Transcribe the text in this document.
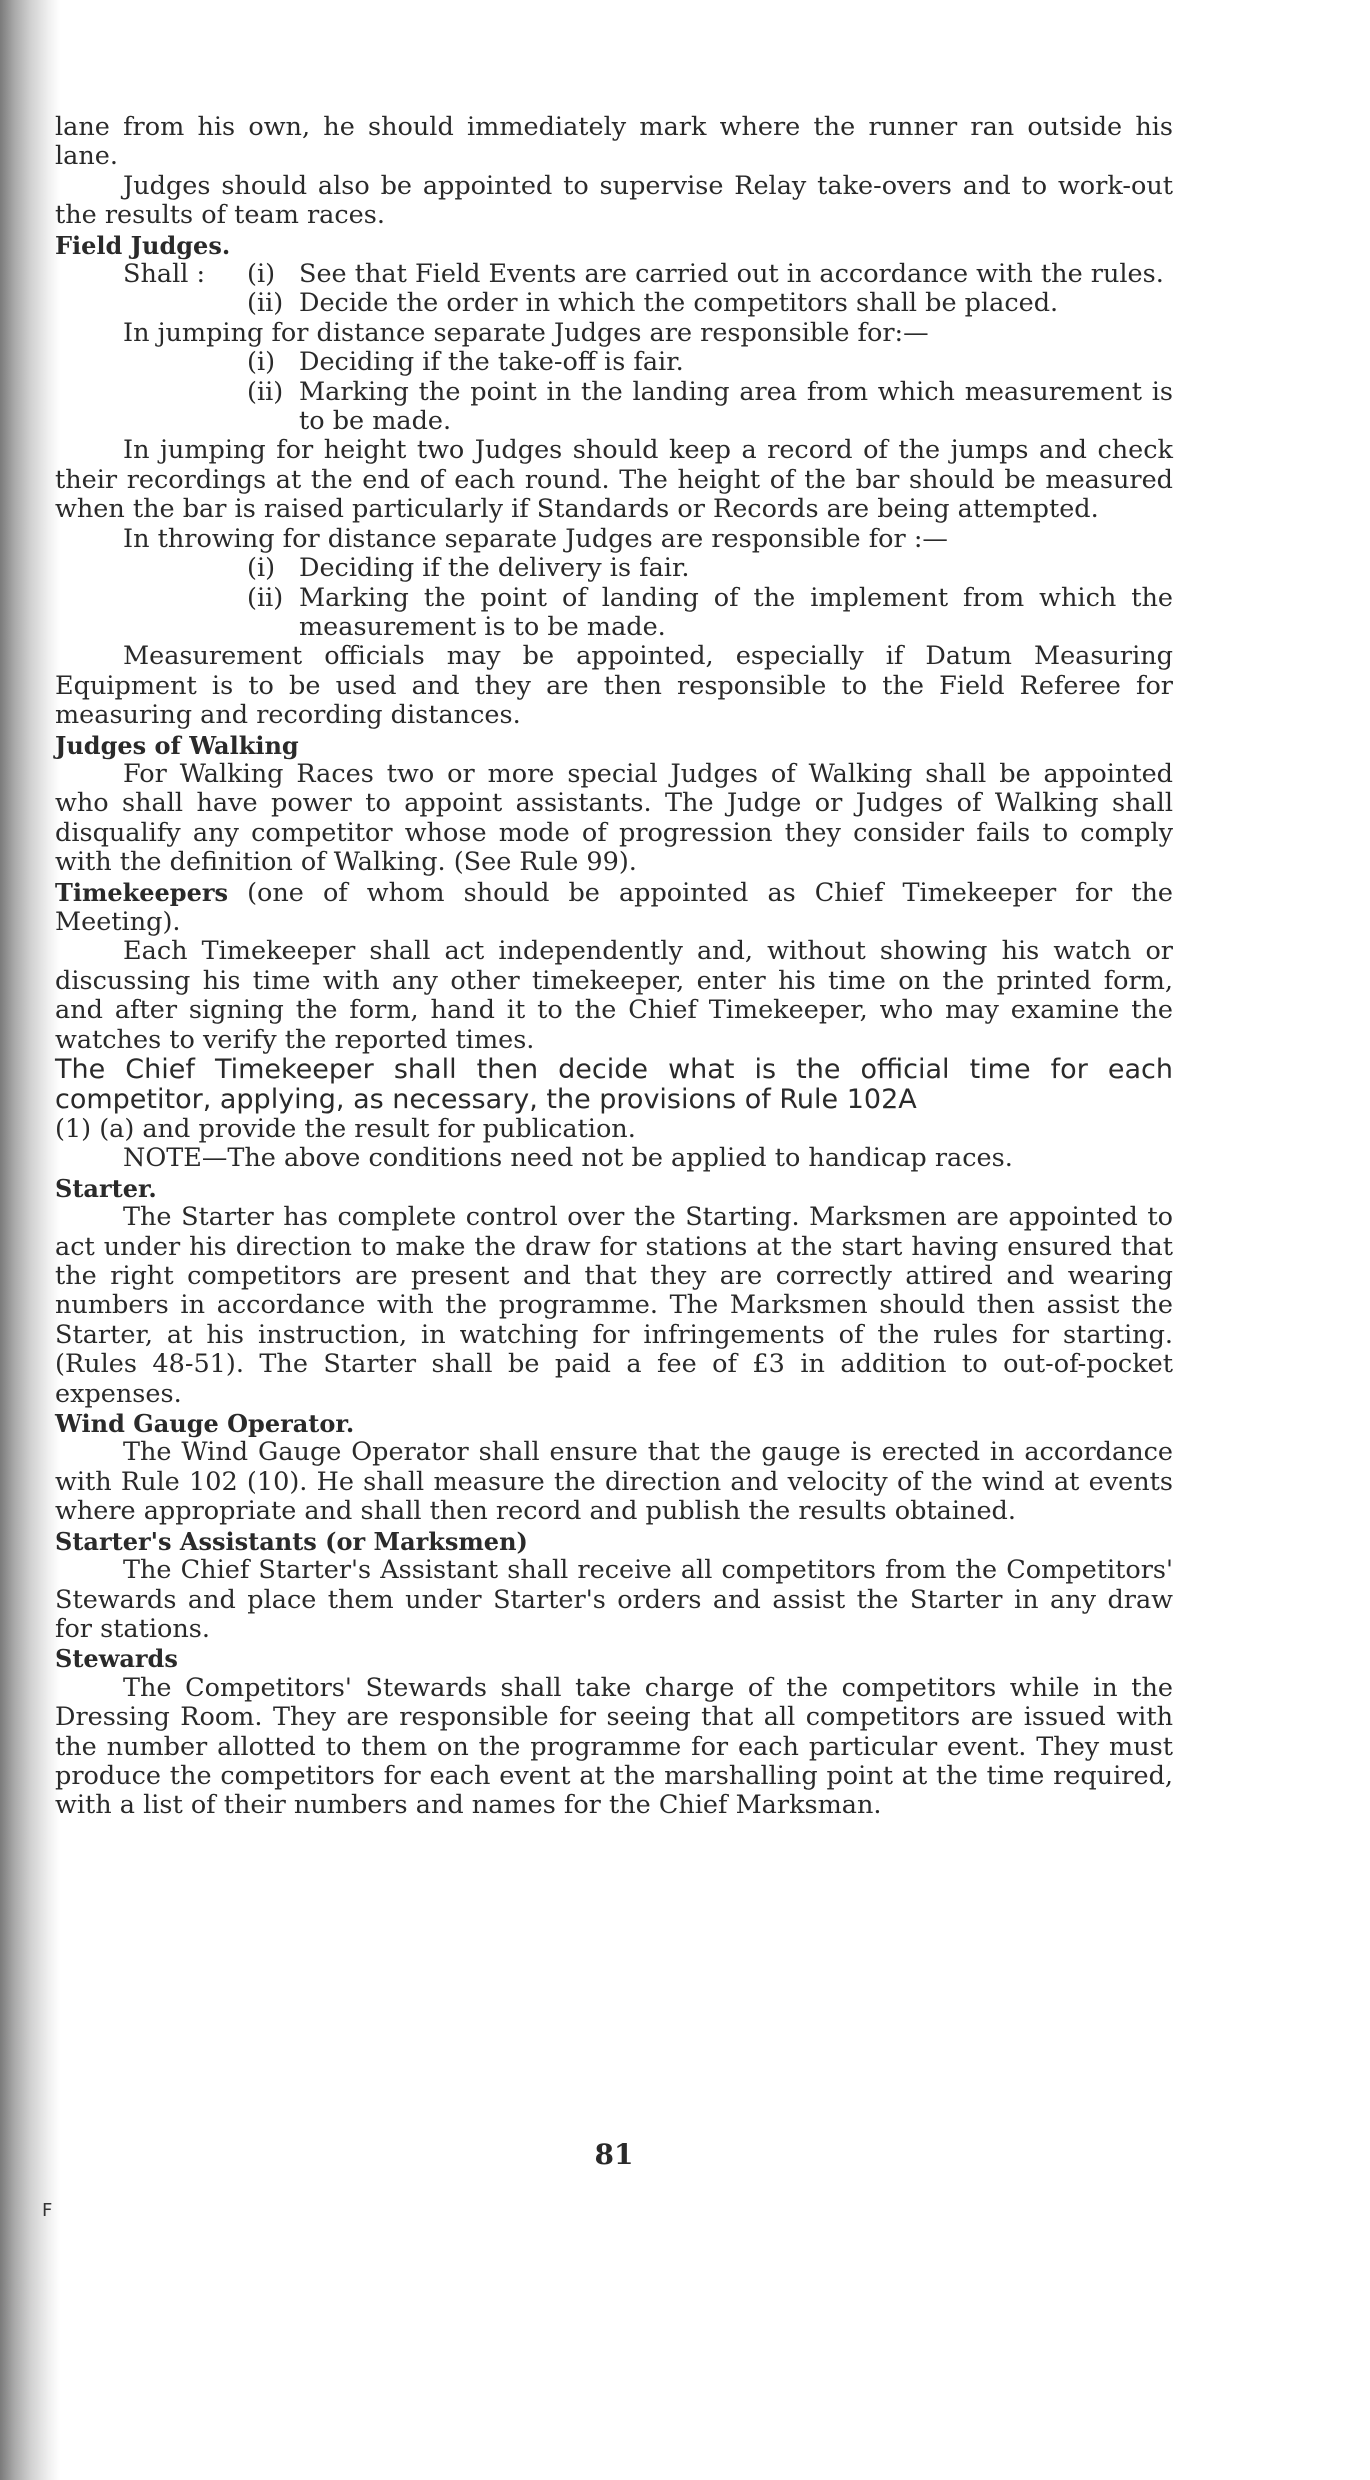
lane from his own, he should immediately mark where the runner ran outside his lane.

Judges should also be appointed to supervise Relay take-overs and to work-out the results of team races.

Field Judges.

Shall : (i) See that Field Events are carried out in accordance with the rules.

(ii) Decide the order in which the competitors shall be placed.

In jumping for distance separate Judges are responsible for:—

(i) Deciding if the take-off is fair.

(ii) Marking the point in the landing area from which measurement is to be made.

In jumping for height two Judges should keep a record of the jumps and check their recordings at the end of each round. The height of the bar should be measured when the bar is raised particularly if Standards or Records are being attempted.

In throwing for distance separate Judges are responsible for :—

(i) Deciding if the delivery is fair.

(ii) Marking the point of landing of the implement from which the measurement is to be made.

Measurement officials may be appointed, especially if Datum Measuring Equipment is to be used and they are then responsible to the Field Referee for measuring and recording distances.

Judges of Walking

For Walking Races two or more special Judges of Walking shall be appointed who shall have power to appoint assistants. The Judge or Judges of Walking shall disqualify any competitor whose mode of progression they consider fails to comply with the definition of Walking. (See Rule 99).

Timekeepers (one of whom should be appointed as Chief Timekeeper for the Meeting).

Each Timekeeper shall act independently and, without showing his watch or discussing his time with any other timekeeper, enter his time on the printed form, and after signing the form, hand it to the Chief Timekeeper, who may examine the watches to verify the reported times.

The Chief Timekeeper shall then decide what is the official time for each competitor, applying, as necessary, the provisions of Rule 102A

(1) (a) and provide the result for publication.

NOTE—The above conditions need not be applied to handicap races.

Starter.

The Starter has complete control over the Starting. Marksmen are appointed to act under his direction to make the draw for stations at the start having ensured that the right competitors are present and that they are correctly attired and wearing numbers in accordance with the programme. The Marksmen should then assist the Starter, at his instruction, in watching for infringements of the rules for starting. (Rules 48-51). The Starter shall be paid a fee of £3 in addition to out-of-pocket expenses.

Wind Gauge Operator.

The Wind Gauge Operator shall ensure that the gauge is erected in accordance with Rule 102 (10). He shall measure the direction and velocity of the wind at events where appropriate and shall then record and publish the results obtained.

Starter's Assistants (or Marksmen)

The Chief Starter's Assistant shall receive all competitors from the Competitors' Stewards and place them under Starter's orders and assist the Starter in any draw for stations.

Stewards

The Competitors' Stewards shall take charge of the competitors while in the Dressing Room. They are responsible for seeing that all competitors are issued with the number allotted to them on the programme for each particular event. They must produce the competitors for each event at the marshalling point at the time required, with a list of their numbers and names for the Chief Marksman.

81
F
